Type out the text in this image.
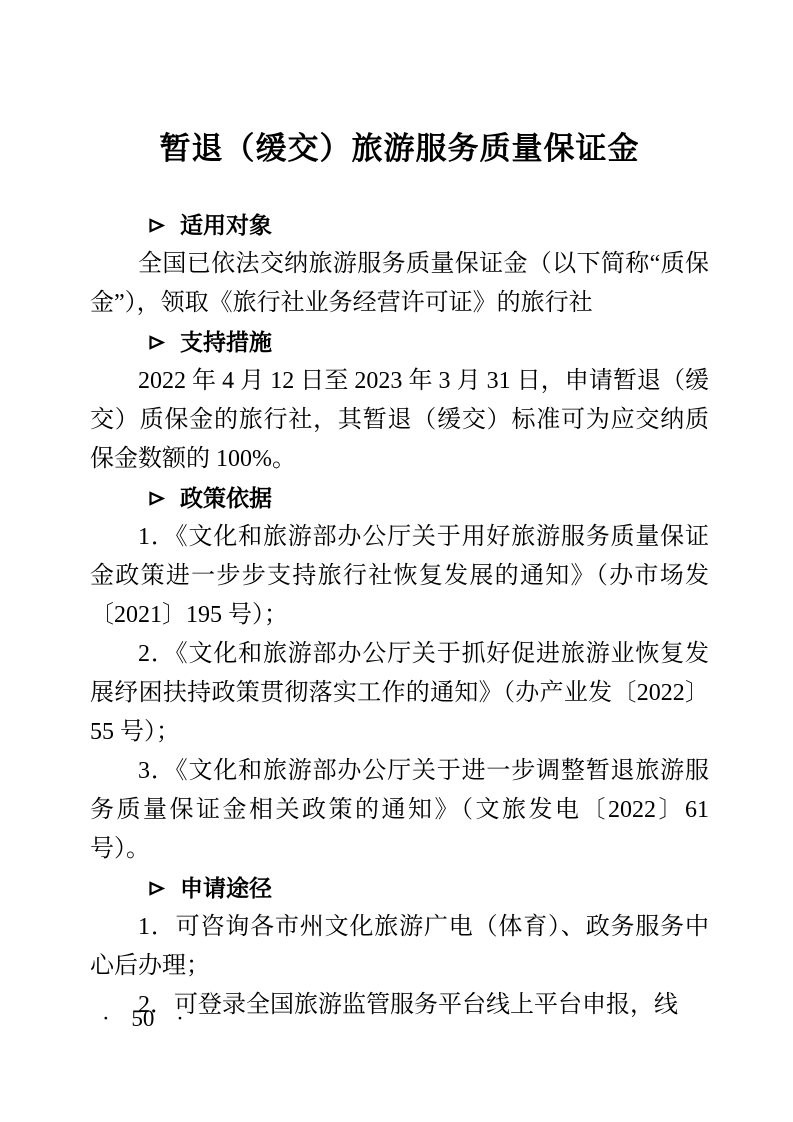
暂退（缓交）旅游服务质量保证金
适用对象

全国已依法交纳旅游服务质量保证金（以下简称“质保金”），领取《旅行社业务经营许可证》的旅行社

支持措施

2022 年 4 月 12 日至 2023 年 3 月 31 日，申请暂退（缓交）质保金的旅行社，其暂退（缓交）标准可为应交纳质保金数额的 100%。

政策依据

1．《文化和旅游部办公厅关于用好旅游服务质量保证金政策进一步步支持旅行社恢复发展的通知》（办市场发〔2021〕195 号）；

2．《文化和旅游部办公厅关于抓好促进旅游业恢复发展纾困扶持政策贯彻落实工作的通知》（办产业发〔2022〕55 号）；

3．《文化和旅游部办公厅关于进一步调整暂退旅游服务质量保证金相关政策的通知》（文旅发电〔2022〕61 号）。

申请途径

1．可咨询各市州文化旅游广电（体育）、政务服务中心后办理；

2．可登录全国旅游监管服务平台线上平台申报，线

· 50 ·
